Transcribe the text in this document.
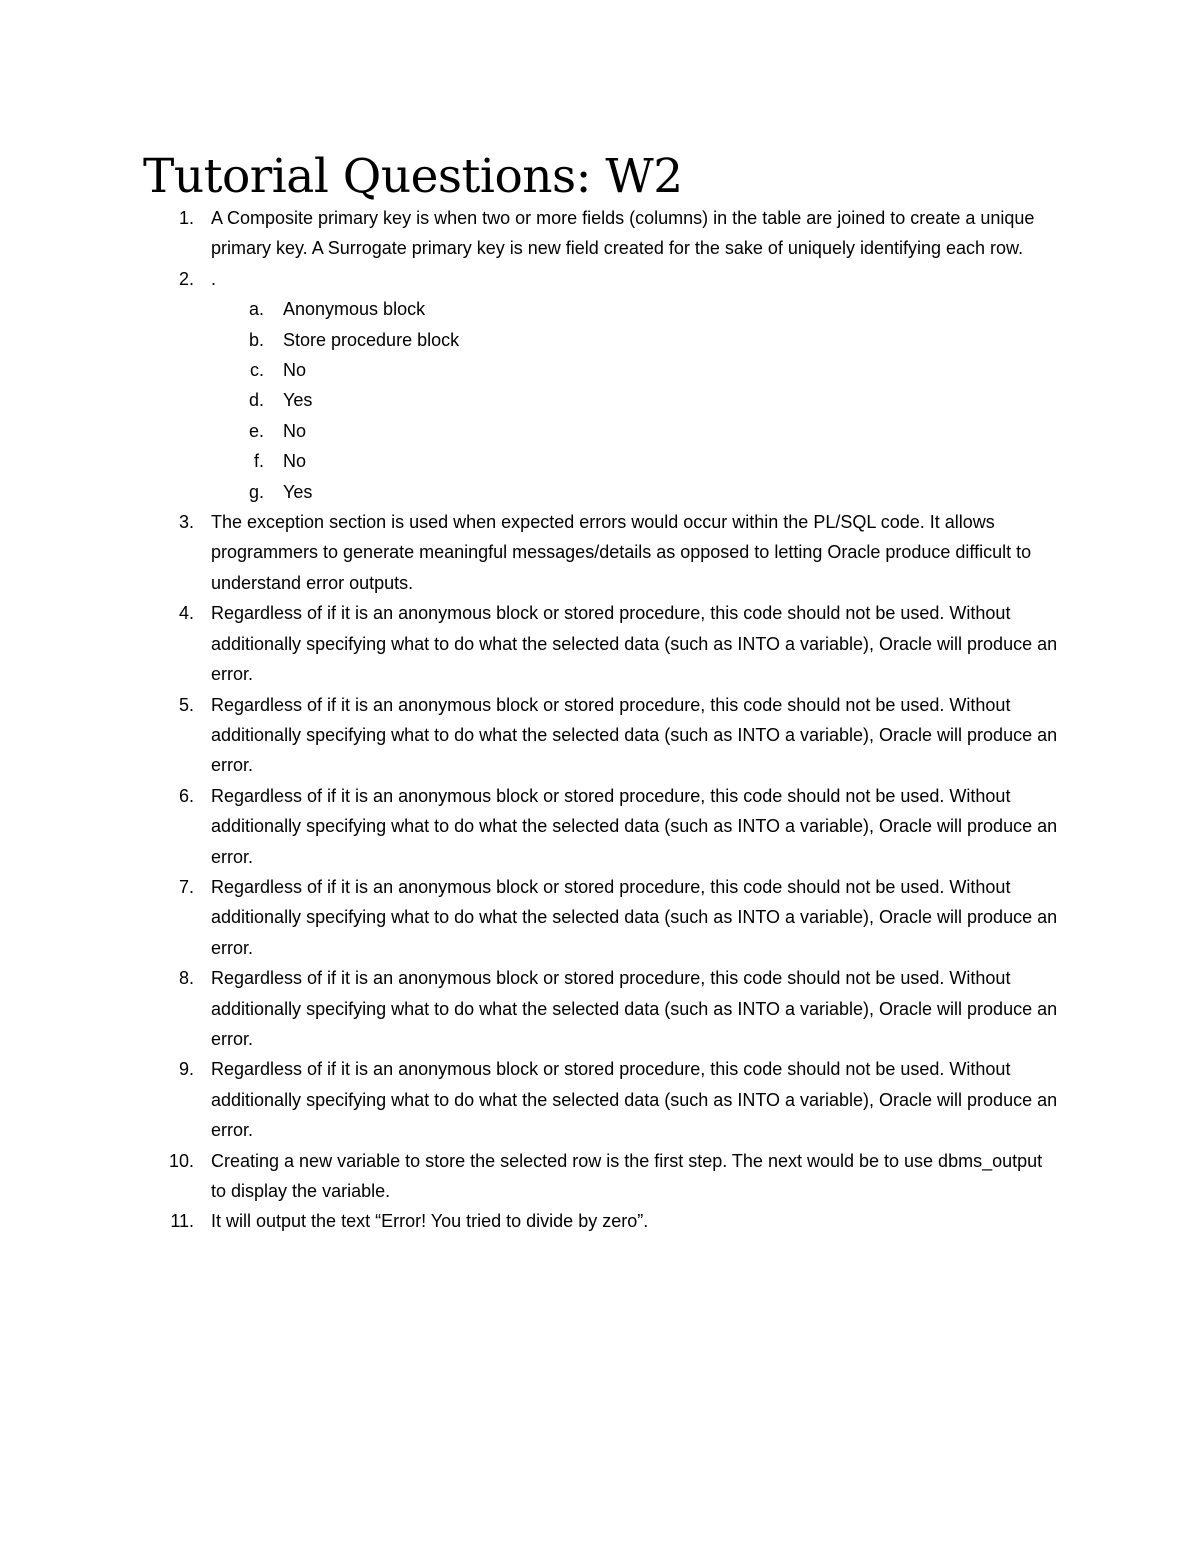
Tutorial Questions: W2
1. A Composite primary key is when two or more fields (columns) in the table are joined to create a unique primary key. A Surrogate primary key is new field created for the sake of uniquely identifying each row.
2. .
a. Anonymous block
b. Store procedure block
c. No
d. Yes
e. No
f. No
g. Yes
3. The exception section is used when expected errors would occur within the PL/SQL code. It allows programmers to generate meaningful messages/details as opposed to letting Oracle produce difficult to understand error outputs.
4. Regardless of if it is an anonymous block or stored procedure, this code should not be used. Without additionally specifying what to do what the selected data (such as INTO a variable), Oracle will produce an error.
5. Regardless of if it is an anonymous block or stored procedure, this code should not be used. Without additionally specifying what to do what the selected data (such as INTO a variable), Oracle will produce an error.
6. Regardless of if it is an anonymous block or stored procedure, this code should not be used. Without additionally specifying what to do what the selected data (such as INTO a variable), Oracle will produce an error.
7. Regardless of if it is an anonymous block or stored procedure, this code should not be used. Without additionally specifying what to do what the selected data (such as INTO a variable), Oracle will produce an error.
8. Regardless of if it is an anonymous block or stored procedure, this code should not be used. Without additionally specifying what to do what the selected data (such as INTO a variable), Oracle will produce an error.
9. Regardless of if it is an anonymous block or stored procedure, this code should not be used. Without additionally specifying what to do what the selected data (such as INTO a variable), Oracle will produce an error.
10. Creating a new variable to store the selected row is the first step. The next would be to use dbms_output to display the variable.
11. It will output the text “Error! You tried to divide by zero”.
